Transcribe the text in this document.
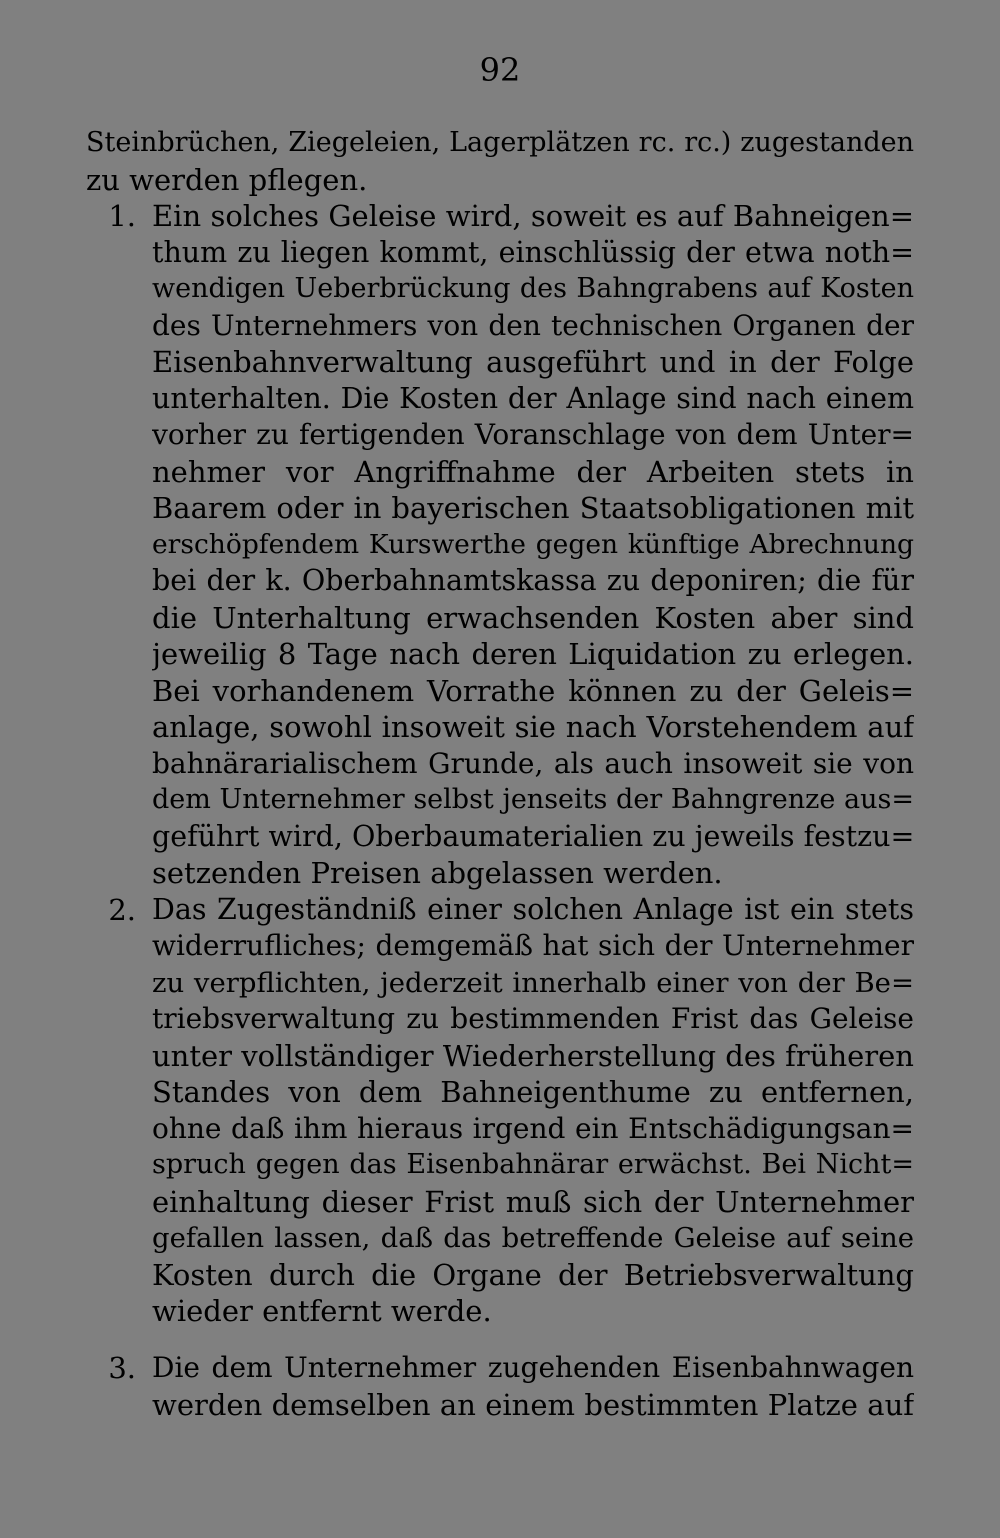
92
Steinbrüchen, Ziegeleien, Lagerplätzen rc. rc.) zugestanden
zu werden pflegen.
1. Ein solches Geleise wird, soweit es auf Bahneigen=
thum zu liegen kommt, einschlüssig der etwa noth=
wendigen Ueberbrückung des Bahngrabens auf Kosten
des Unternehmers von den technischen Organen der
Eisenbahnverwaltung ausgeführt und in der Folge
unterhalten. Die Kosten der Anlage sind nach einem
vorher zu fertigenden Voranschlage von dem Unter=
nehmer vor Angriffnahme der Arbeiten stets in
Baarem oder in bayerischen Staatsobligationen mit
erschöpfendem Kurswerthe gegen künftige Abrechnung
bei der k. Oberbahnamtskassa zu deponiren; die für
die Unterhaltung erwachsenden Kosten aber sind
jeweilig 8 Tage nach deren Liquidation zu erlegen.
Bei vorhandenem Vorrathe können zu der Geleis=
anlage, sowohl insoweit sie nach Vorstehendem auf
bahnärarialischem Grunde, als auch insoweit sie von
dem Unternehmer selbst jenseits der Bahngrenze aus=
geführt wird, Oberbaumaterialien zu jeweils festzu=
setzenden Preisen abgelassen werden.
2. Das Zugeständniß einer solchen Anlage ist ein stets
widerrufliches; demgemäß hat sich der Unternehmer
zu verpflichten, jederzeit innerhalb einer von der Be=
triebsverwaltung zu bestimmenden Frist das Geleise
unter vollständiger Wiederherstellung des früheren
Standes von dem Bahneigenthume zu entfernen,
ohne daß ihm hieraus irgend ein Entschädigungsan=
spruch gegen das Eisenbahnärar erwächst. Bei Nicht=
einhaltung dieser Frist muß sich der Unternehmer
gefallen lassen, daß das betreffende Geleise auf seine
Kosten durch die Organe der Betriebsverwaltung
wieder entfernt werde.
3. Die dem Unternehmer zugehenden Eisenbahnwagen
werden demselben an einem bestimmten Platze auf
